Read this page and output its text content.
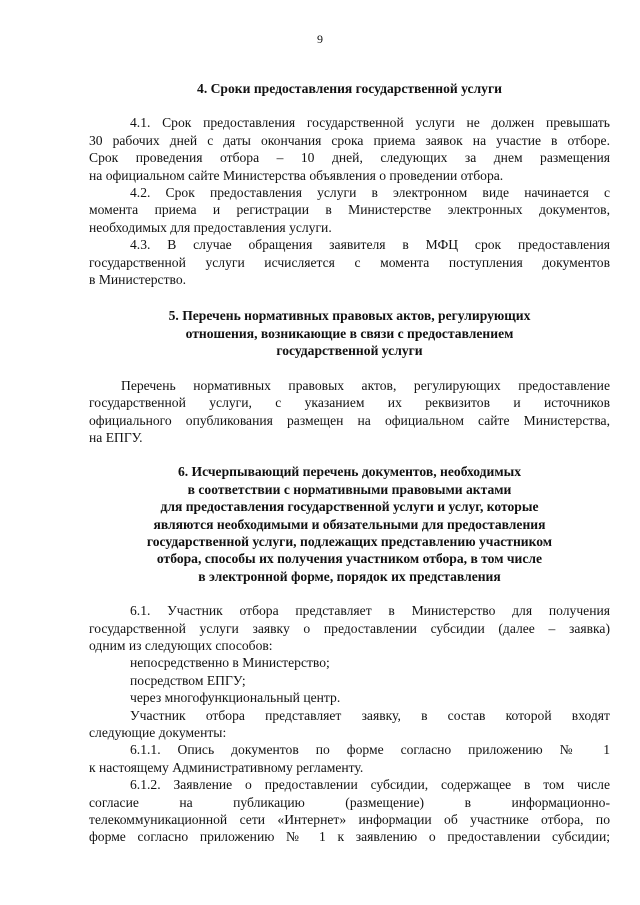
9

4. Сроки предоставления государственной услуги

4.1. Срок предоставления государственной услуги не должен превышать

30 рабочих дней с даты окончания срока приема заявок на участие в отборе.

Срок проведения отбора – 10 дней, следующих за днем размещения

на официальном сайте Министерства объявления о проведении отбора.

4.2. Срок предоставления услуги в электронном виде начинается с

момента приема и регистрации в Министерстве электронных документов,

необходимых для предоставления услуги.

4.3. В случае обращения заявителя в МФЦ срок предоставления

государственной услуги исчисляется с момента поступления документов

в Министерство.

5. Перечень нормативных правовых актов, регулирующих
отношения, возникающие в связи с предоставлением
государственной услуги

Перечень нормативных правовых актов, регулирующих предоставление

государственной услуги, с указанием их реквизитов и источников

официального опубликования размещен на официальном сайте Министерства,

на ЕПГУ.

6. Исчерпывающий перечень документов, необходимых
в соответствии с нормативными правовыми актами
для предоставления государственной услуги и услуг, которые
являются необходимыми и обязательными для предоставления
государственной услуги, подлежащих представлению участником
отбора, способы их получения участником отбора, в том числе
в электронной форме, порядок их представления

6.1. Участник отбора представляет в Министерство для получения

государственной услуги заявку о предоставлении субсидии (далее – заявка)

одним из следующих способов:

непосредственно в Министерство;

посредством ЕПГУ;

через многофункциональный центр.

Участник отбора представляет заявку, в состав которой входят

следующие документы:

6.1.1. Опись документов по форме согласно приложению № 1

к настоящему Административному регламенту.

6.1.2. Заявление о предоставлении субсидии, содержащее в том числе

согласие на публикацию (размещение) в информационно-

телекоммуникационной сети «Интернет» информации об участнике отбора, по

форме согласно приложению № 1 к заявлению о предоставлении субсидии;
